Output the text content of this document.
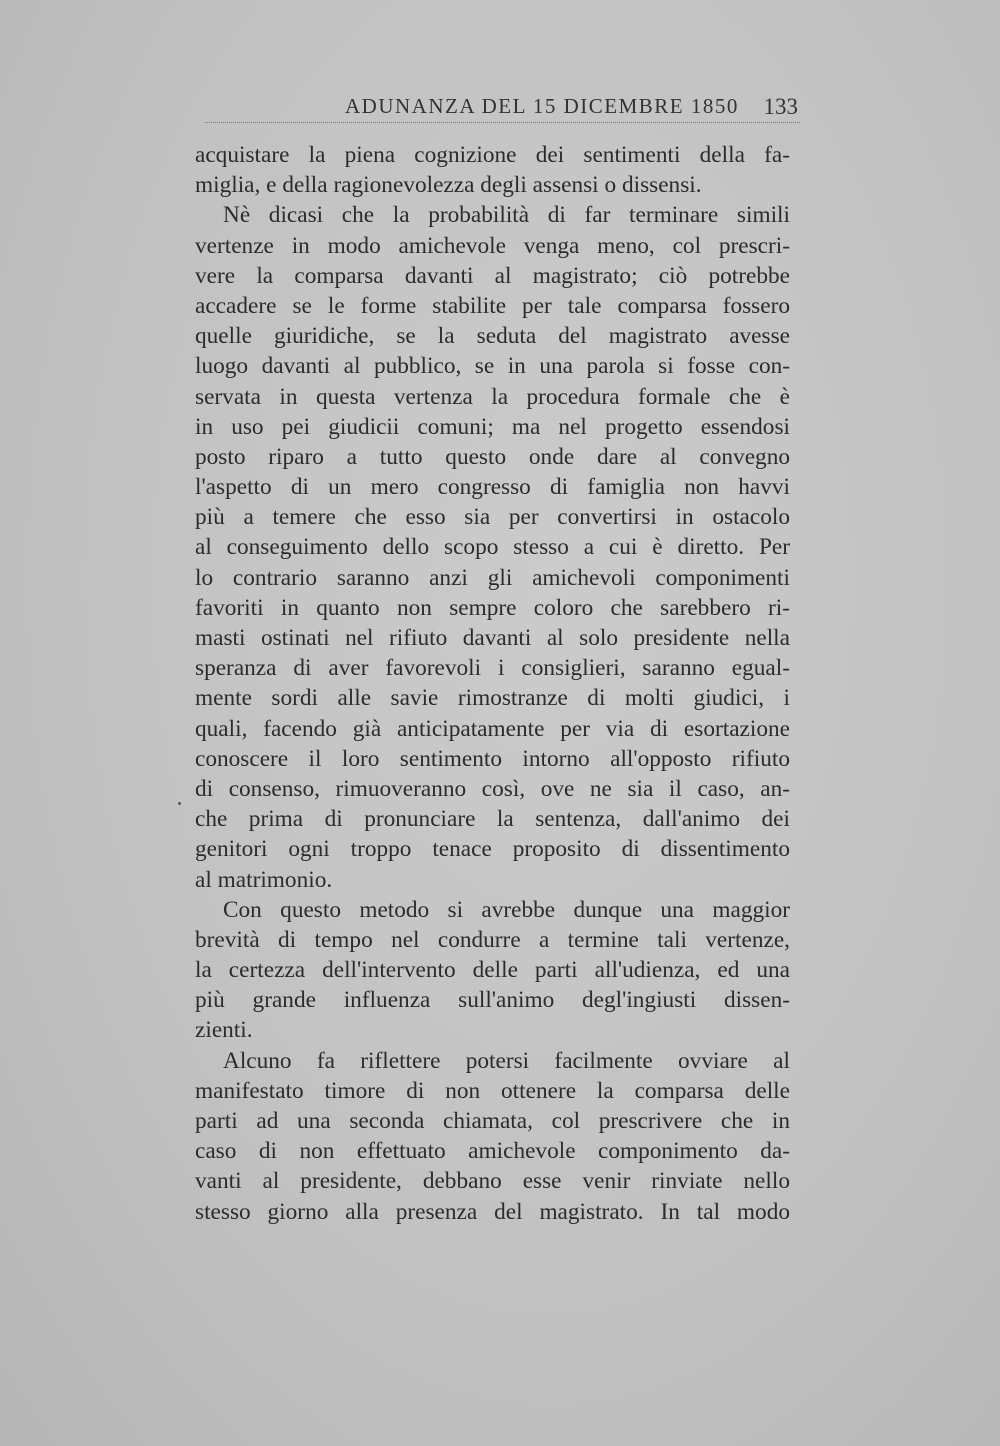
ADUNANZA DEL 15 DICEMBRE 1850 133
acquistare la piena cognizione dei sentimenti della fa-
miglia, e della ragionevolezza degli assensi o dissensi.
Nè dicasi che la probabilità di far terminare simili
vertenze in modo amichevole venga meno, col prescri-
vere la comparsa davanti al magistrato; ciò potrebbe
accadere se le forme stabilite per tale comparsa fossero
quelle giuridiche, se la seduta del magistrato avesse
luogo davanti al pubblico, se in una parola si fosse con-
servata in questa vertenza la procedura formale che è
in uso pei giudicii comuni; ma nel progetto essendosi
posto riparo a tutto questo onde dare al convegno
l'aspetto di un mero congresso di famiglia non havvi
più a temere che esso sia per convertirsi in ostacolo
al conseguimento dello scopo stesso a cui è diretto. Per
lo contrario saranno anzi gli amichevoli componimenti
favoriti in quanto non sempre coloro che sarebbero ri-
masti ostinati nel rifiuto davanti al solo presidente nella
speranza di aver favorevoli i consiglieri, saranno egual-
mente sordi alle savie rimostranze di molti giudici, i
quali, facendo già anticipatamente per via di esortazione
conoscere il loro sentimento intorno all'opposto rifiuto
di consenso, rimuoveranno così, ove ne sia il caso, an-
che prima di pronunciare la sentenza, dall'animo dei
genitori ogni troppo tenace proposito di dissentimento
al matrimonio.
Con questo metodo si avrebbe dunque una maggior
brevità di tempo nel condurre a termine tali vertenze,
la certezza dell'intervento delle parti all'udienza, ed una
più grande influenza sull'animo degl'ingiusti dissen-
zienti.
Alcuno fa riflettere potersi facilmente ovviare al
manifestato timore di non ottenere la comparsa delle
parti ad una seconda chiamata, col prescrivere che in
caso di non effettuato amichevole componimento da-
vanti al presidente, debbano esse venir rinviate nello
stesso giorno alla presenza del magistrato. In tal modo
